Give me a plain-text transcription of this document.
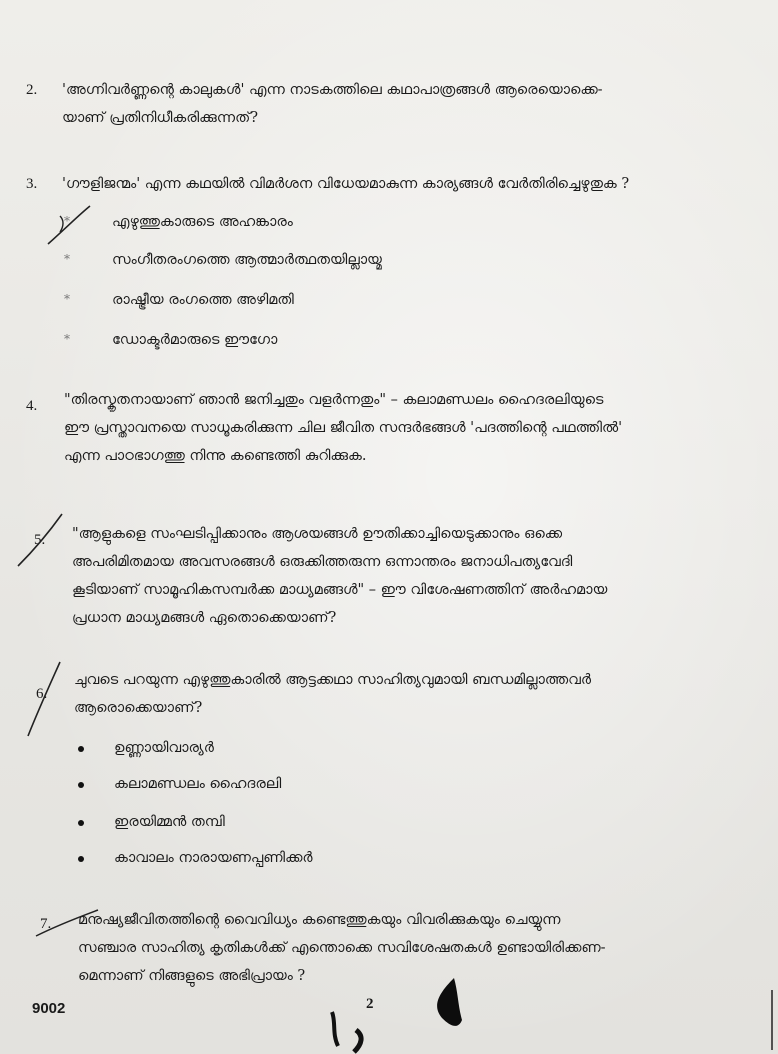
2. 'അഗ്നിവർണ്ണന്റെ കാലുകൾ' എന്ന നാടകത്തിലെ കഥാപാത്രങ്ങൾ ആരെയൊക്കെ-
യാണ് പ്രതിനിധീകരിക്കുന്നത്?
3. 'ഗൗളിജന്മം' എന്ന കഥയിൽ വിമർശന വിധേയമാകുന്ന കാര്യങ്ങൾ വേർതിരിച്ചെഴുതുക ?
*	എഴുത്തുകാരുടെ അഹങ്കാരം
*	സംഗീതരംഗത്തെ ആത്മാർത്ഥതയില്ലായ്മ
*	രാഷ്ട്രീയ രംഗത്തെ അഴിമതി
*	ഡോക്ടർമാരുടെ ഈഗോ
4. "തിരസ്കൃതനായാണ് ഞാൻ ജനിച്ചതും വളർന്നതും" – കലാമണ്ഡലം ഹൈദരലിയുടെ
ഈ പ്രസ്താവനയെ സാധൂകരിക്കുന്ന ചില ജീവിത സന്ദർഭങ്ങൾ 'പദത്തിന്റെ പഥത്തിൽ'
എന്ന പാഠഭാഗത്തു നിന്നു കണ്ടെത്തി കുറിക്കുക.
5. "ആളുകളെ സംഘടിപ്പിക്കാനും ആശയങ്ങൾ ഊതിക്കാച്ചിയെടുക്കാനും ഒക്കെ
അപരിമിതമായ അവസരങ്ങൾ ഒരുക്കിത്തരുന്ന ഒന്നാന്തരം ജനാധിപത്യവേദി
കൂടിയാണ് സാമൂഹികസമ്പർക്ക മാധ്യമങ്ങൾ" – ഈ വിശേഷണത്തിന് അർഹമായ
പ്രധാന മാധ്യമങ്ങൾ ഏതൊക്കെയാണ്?
6.
ചുവടെ പറയുന്ന എഴുത്തുകാരിൽ ആട്ടക്കഥാ സാഹിത്യവുമായി ബന്ധമില്ലാത്തവർ
ആരൊക്കെയാണ്?
ഉണ്ണായിവാര്യർ
കലാമണ്ഡലം ഹൈദരലി
ഇരയിമ്മൻ തമ്പി
കാവാലം നാരായണപ്പണിക്കർ
7. മനുഷ്യജീവിതത്തിന്റെ വൈവിധ്യം കണ്ടെത്തുകയും വിവരിക്കുകയും ചെയ്യുന്ന
സഞ്ചാര സാഹിത്യ കൃതികൾക്ക് എന്തൊക്കെ സവിശേഷതകൾ ഉണ്ടായിരിക്കണ-
മെന്നാണ് നിങ്ങളുടെ അഭിപ്രായം ?
9002	2
